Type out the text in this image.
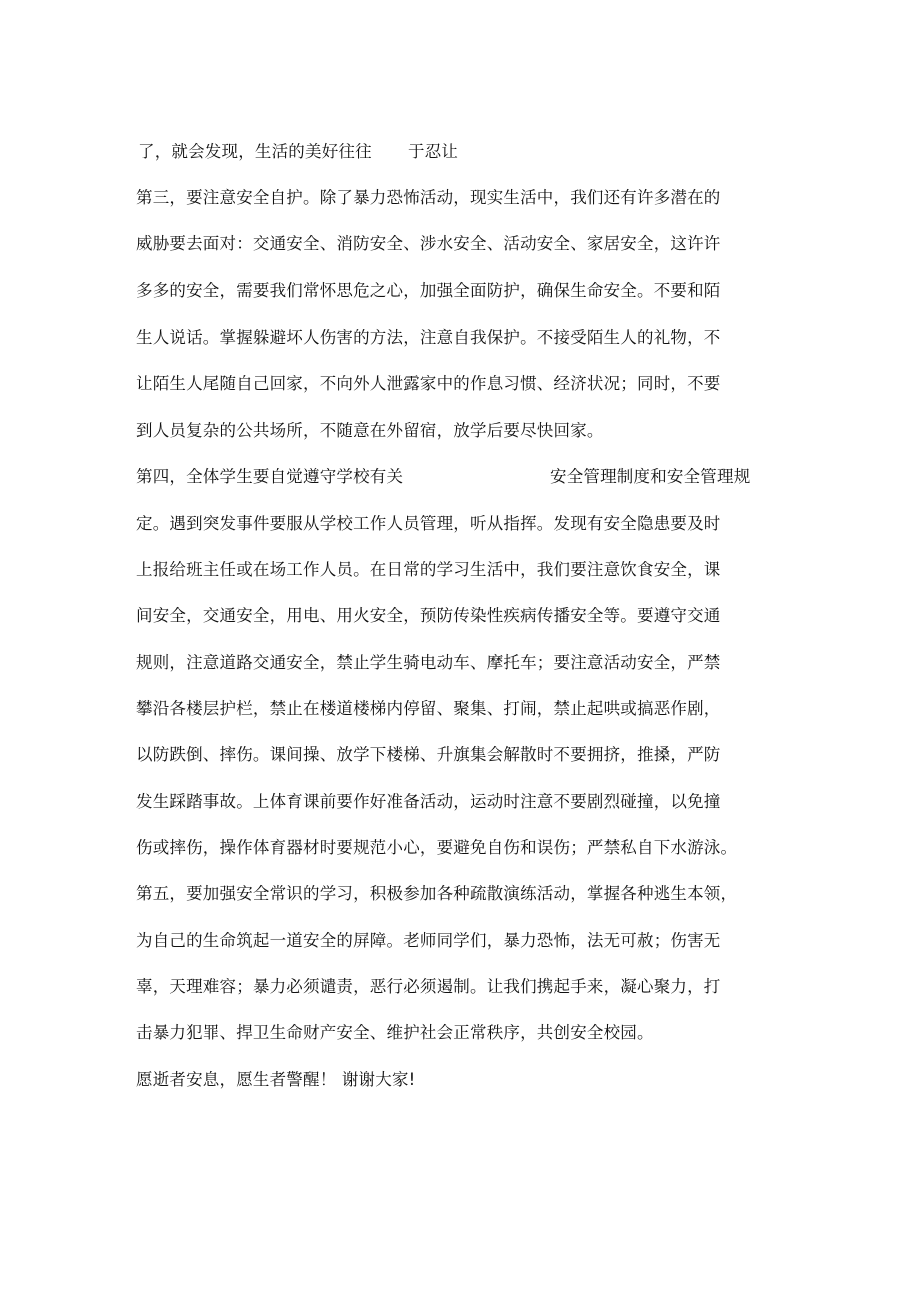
了，就会发现，生活的美好往往 于忍让
第三，要注意安全自护。除了暴力恐怖活动，现实生活中，我们还有许多潜在的
威胁要去面对：交通安全、消防安全、涉水安全、活动安全、家居安全，这许许
多多的安全，需要我们常怀思危之心，加强全面防护，确保生命安全。不要和陌
生人说话。掌握躲避坏人伤害的方法，注意自我保护。不接受陌生人的礼物，不
让陌生人尾随自己回家，不向外人泄露家中的作息习惯、经济状况；同时，不要
到人员复杂的公共场所，不随意在外留宿，放学后要尽快回家。
第四，全体学生要自觉遵守学校有关	安全管理制度和安全管理规
定。遇到突发事件要服从学校工作人员管理，听从指挥。发现有安全隐患要及时
上报给班主任或在场工作人员。在日常的学习生活中，我们要注意饮食安全，课
间安全，交通安全，用电、用火安全，预防传染性疾病传播安全等。要遵守交通
规则，注意道路交通安全，禁止学生骑电动车、摩托车；要注意活动安全，严禁
攀沿各楼层护栏，禁止在楼道楼梯内停留、聚集、打闹，禁止起哄或搞恶作剧，
以防跌倒、摔伤。课间操、放学下楼梯、升旗集会解散时不要拥挤，推搡，严防
发生踩踏事故。上体育课前要作好准备活动，运动时注意不要剧烈碰撞，以免撞
伤或摔伤，操作体育器材时要规范小心，要避免自伤和误伤；严禁私自下水游泳。
第五，要加强安全常识的学习，积极参加各种疏散演练活动，掌握各种逃生本领，
为自己的生命筑起一道安全的屏障。老师同学们，暴力恐怖，法无可赦；伤害无
辜，天理难容；暴力必须谴责，恶行必须遏制。让我们携起手来，凝心聚力，打
击暴力犯罪、捍卫生命财产安全、维护社会正常秩序，共创安全校园。
愿逝者安息，愿生者警醒！ 谢谢大家!
